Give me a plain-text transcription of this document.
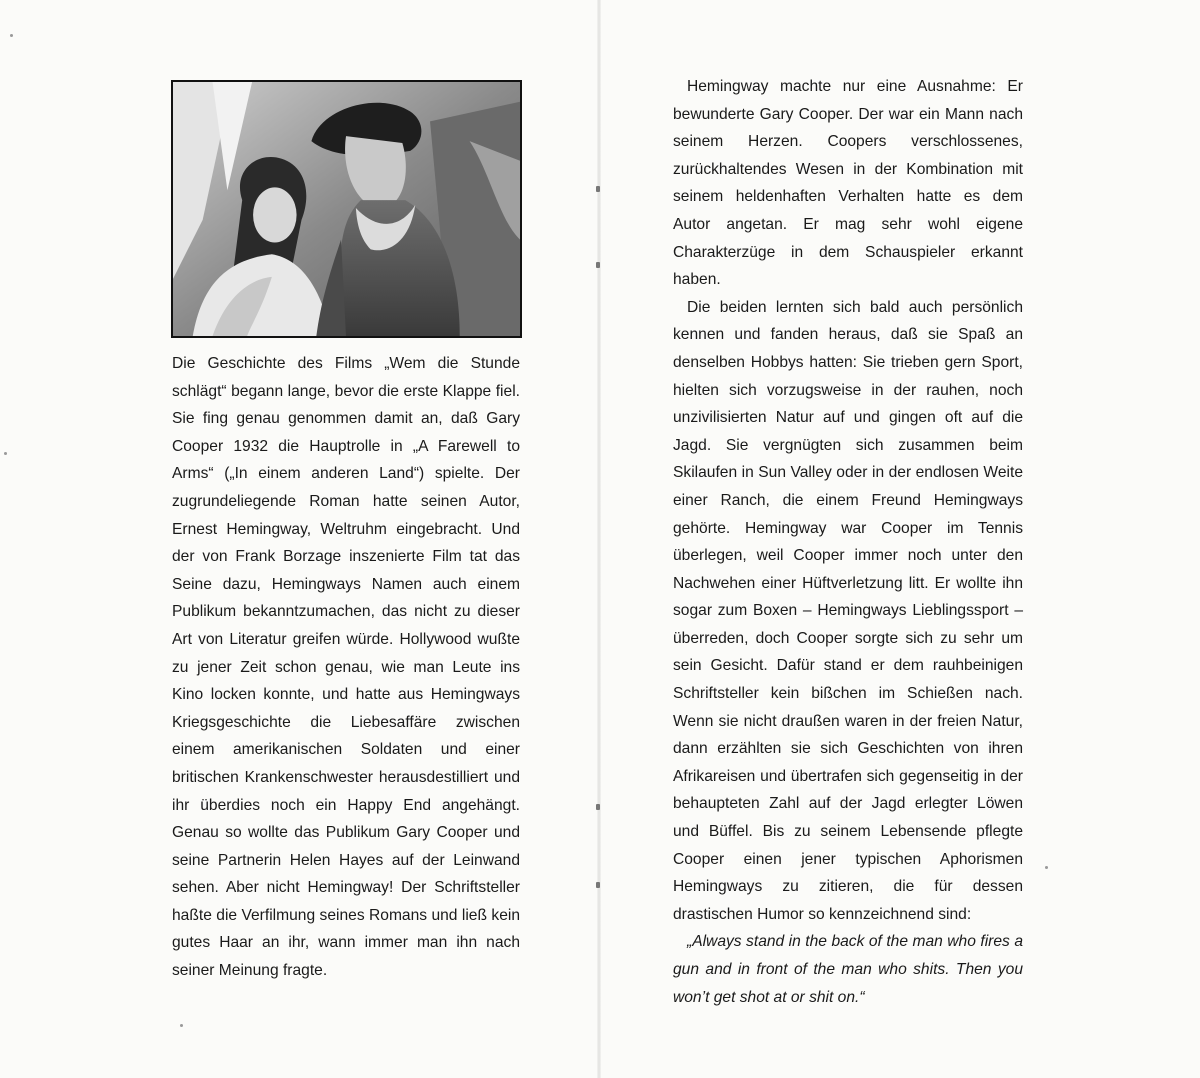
Die Geschichte des Films „Wem die Stunde schlägt“ begann lange, bevor die erste Klappe fiel. Sie fing genau genommen damit an, daß Gary Cooper 1932 die Hauptrolle in „A Farewell to Arms“ („In einem anderen Land“) spielte. Der zugrundeliegende Roman hatte seinen Autor, Ernest Hemingway, Weltruhm eingebracht. Und der von Frank Borzage inszenierte Film tat das Seine dazu, Hemingways Namen auch einem Publikum bekanntzumachen, das nicht zu dieser Art von Literatur greifen würde. Hollywood wußte zu jener Zeit schon genau, wie man Leute ins Kino locken konnte, und hatte aus Hemingways Kriegsgeschichte die Liebesaffäre zwischen einem amerikanischen Soldaten und einer britischen Krankenschwester herausdestilliert und ihr überdies noch ein Happy End angehängt. Genau so wollte das Publikum Gary Cooper und seine Partnerin Helen Hayes auf der Leinwand sehen. Aber nicht Hemingway! Der Schriftsteller haßte die Verfilmung seines Romans und ließ kein gutes Haar an ihr, wann immer man ihn nach seiner Meinung fragte.

Hemingway machte nur eine Ausnahme: Er bewunderte Gary Cooper. Der war ein Mann nach seinem Herzen. Coopers verschlossenes, zurückhaltendes Wesen in der Kombination mit seinem heldenhaften Verhalten hatte es dem Autor angetan. Er mag sehr wohl eigene Charakterzüge in dem Schauspieler erkannt haben.

Die beiden lernten sich bald auch persönlich kennen und fanden heraus, daß sie Spaß an denselben Hobbys hatten: Sie trieben gern Sport, hielten sich vorzugsweise in der rauhen, noch unzivilisierten Natur auf und gingen oft auf die Jagd. Sie vergnügten sich zusammen beim Skilaufen in Sun Valley oder in der endlosen Weite einer Ranch, die einem Freund Hemingways gehörte. Hemingway war Cooper im Tennis überlegen, weil Cooper immer noch unter den Nachwehen einer Hüftverletzung litt. Er wollte ihn sogar zum Boxen – Hemingways Lieblingssport – überreden, doch Cooper sorgte sich zu sehr um sein Gesicht. Dafür stand er dem rauhbeinigen Schriftsteller kein bißchen im Schießen nach. Wenn sie nicht draußen waren in der freien Natur, dann erzählten sie sich Geschichten von ihren Afrikareisen und übertrafen sich gegenseitig in der behaupteten Zahl auf der Jagd erlegter Löwen und Büffel. Bis zu seinem Lebensende pflegte Cooper einen jener typischen Aphorismen Hemingways zu zitieren, die für dessen drastischen Humor so kennzeichnend sind:
„Always stand in the back of the man who fires a gun and in front of the man who shits. Then you won’t get shot at or shit on.“
